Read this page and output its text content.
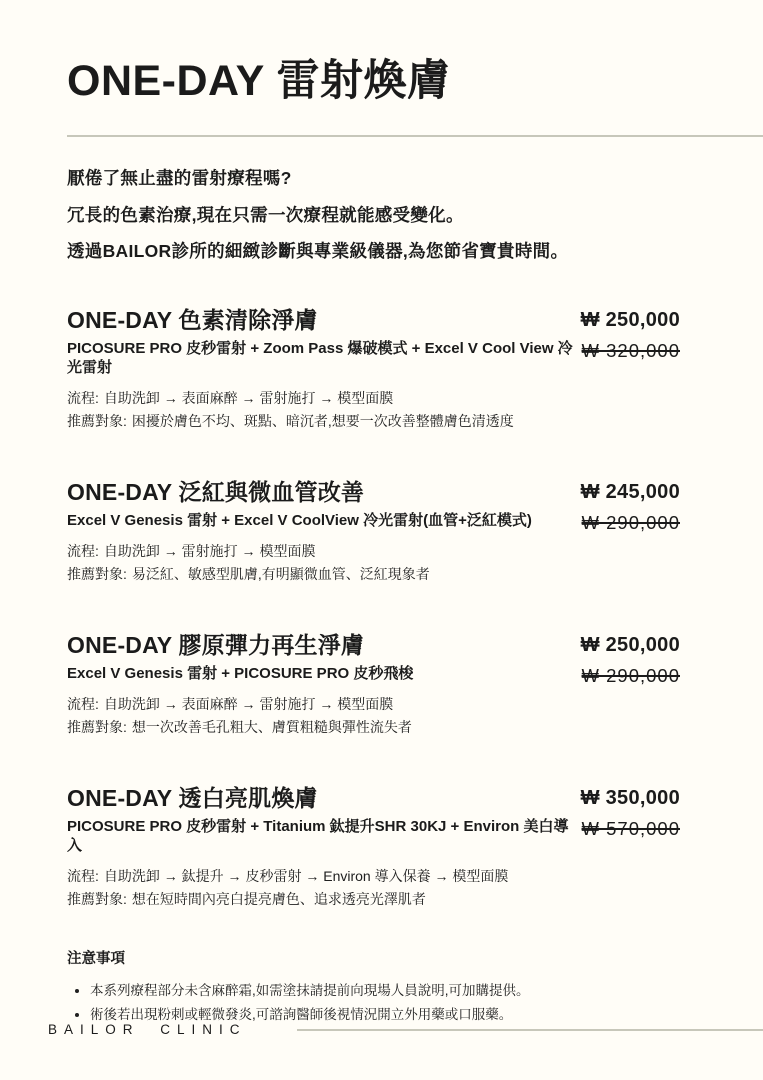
ONE-DAY 雷射煥膚

厭倦了無止盡的雷射療程嗎?

冗長的色素治療,現在只需一次療程就能感受變化。

透過BAILOR診所的細緻診斷與專業級儀器,為您節省寶貴時間。

ONE-DAY 色素清除淨膚

PICOSURE PRO 皮秒雷射 + Zoom Pass 爆破模式 + Excel V Cool View 冷光雷射

流程: 自助洗卸 → 表面麻醉 → 雷射施打 → 模型面膜

推薦對象: 困擾於膚色不均、斑點、暗沉者,想要一次改善整體膚色清透度

₩ 250,000
₩ 320,000
ONE-DAY 泛紅與微血管改善

Excel V Genesis 雷射 + Excel V CoolView 冷光雷射(血管+泛紅模式)

流程: 自助洗卸 → 雷射施打 → 模型面膜

推薦對象: 易泛紅、敏感型肌膚,有明顯微血管、泛紅現象者

₩ 245,000
₩ 290,000
ONE-DAY 膠原彈力再生淨膚

Excel V Genesis 雷射 + PICOSURE PRO 皮秒飛梭

流程: 自助洗卸 → 表面麻醉 → 雷射施打 → 模型面膜

推薦對象: 想一次改善毛孔粗大、膚質粗糙與彈性流失者

₩ 250,000
₩ 290,000
ONE-DAY 透白亮肌煥膚

PICOSURE PRO 皮秒雷射 + Titanium 鈦提升SHR 30KJ + Environ 美白導入

流程: 自助洗卸 → 鈦提升 → 皮秒雷射 → Environ 導入保養 → 模型面膜

推薦對象: 想在短時間內亮白提亮膚色、追求透亮光澤肌者

₩ 350,000
₩ 570,000
注意事項
• 本系列療程部分未含麻醉霜,如需塗抹請提前向現場人員說明,可加購提供。
• 術後若出現粉刺或輕微發炎,可諮詢醫師後視情況開立外用藥或口服藥。
BAILOR CLINIC
